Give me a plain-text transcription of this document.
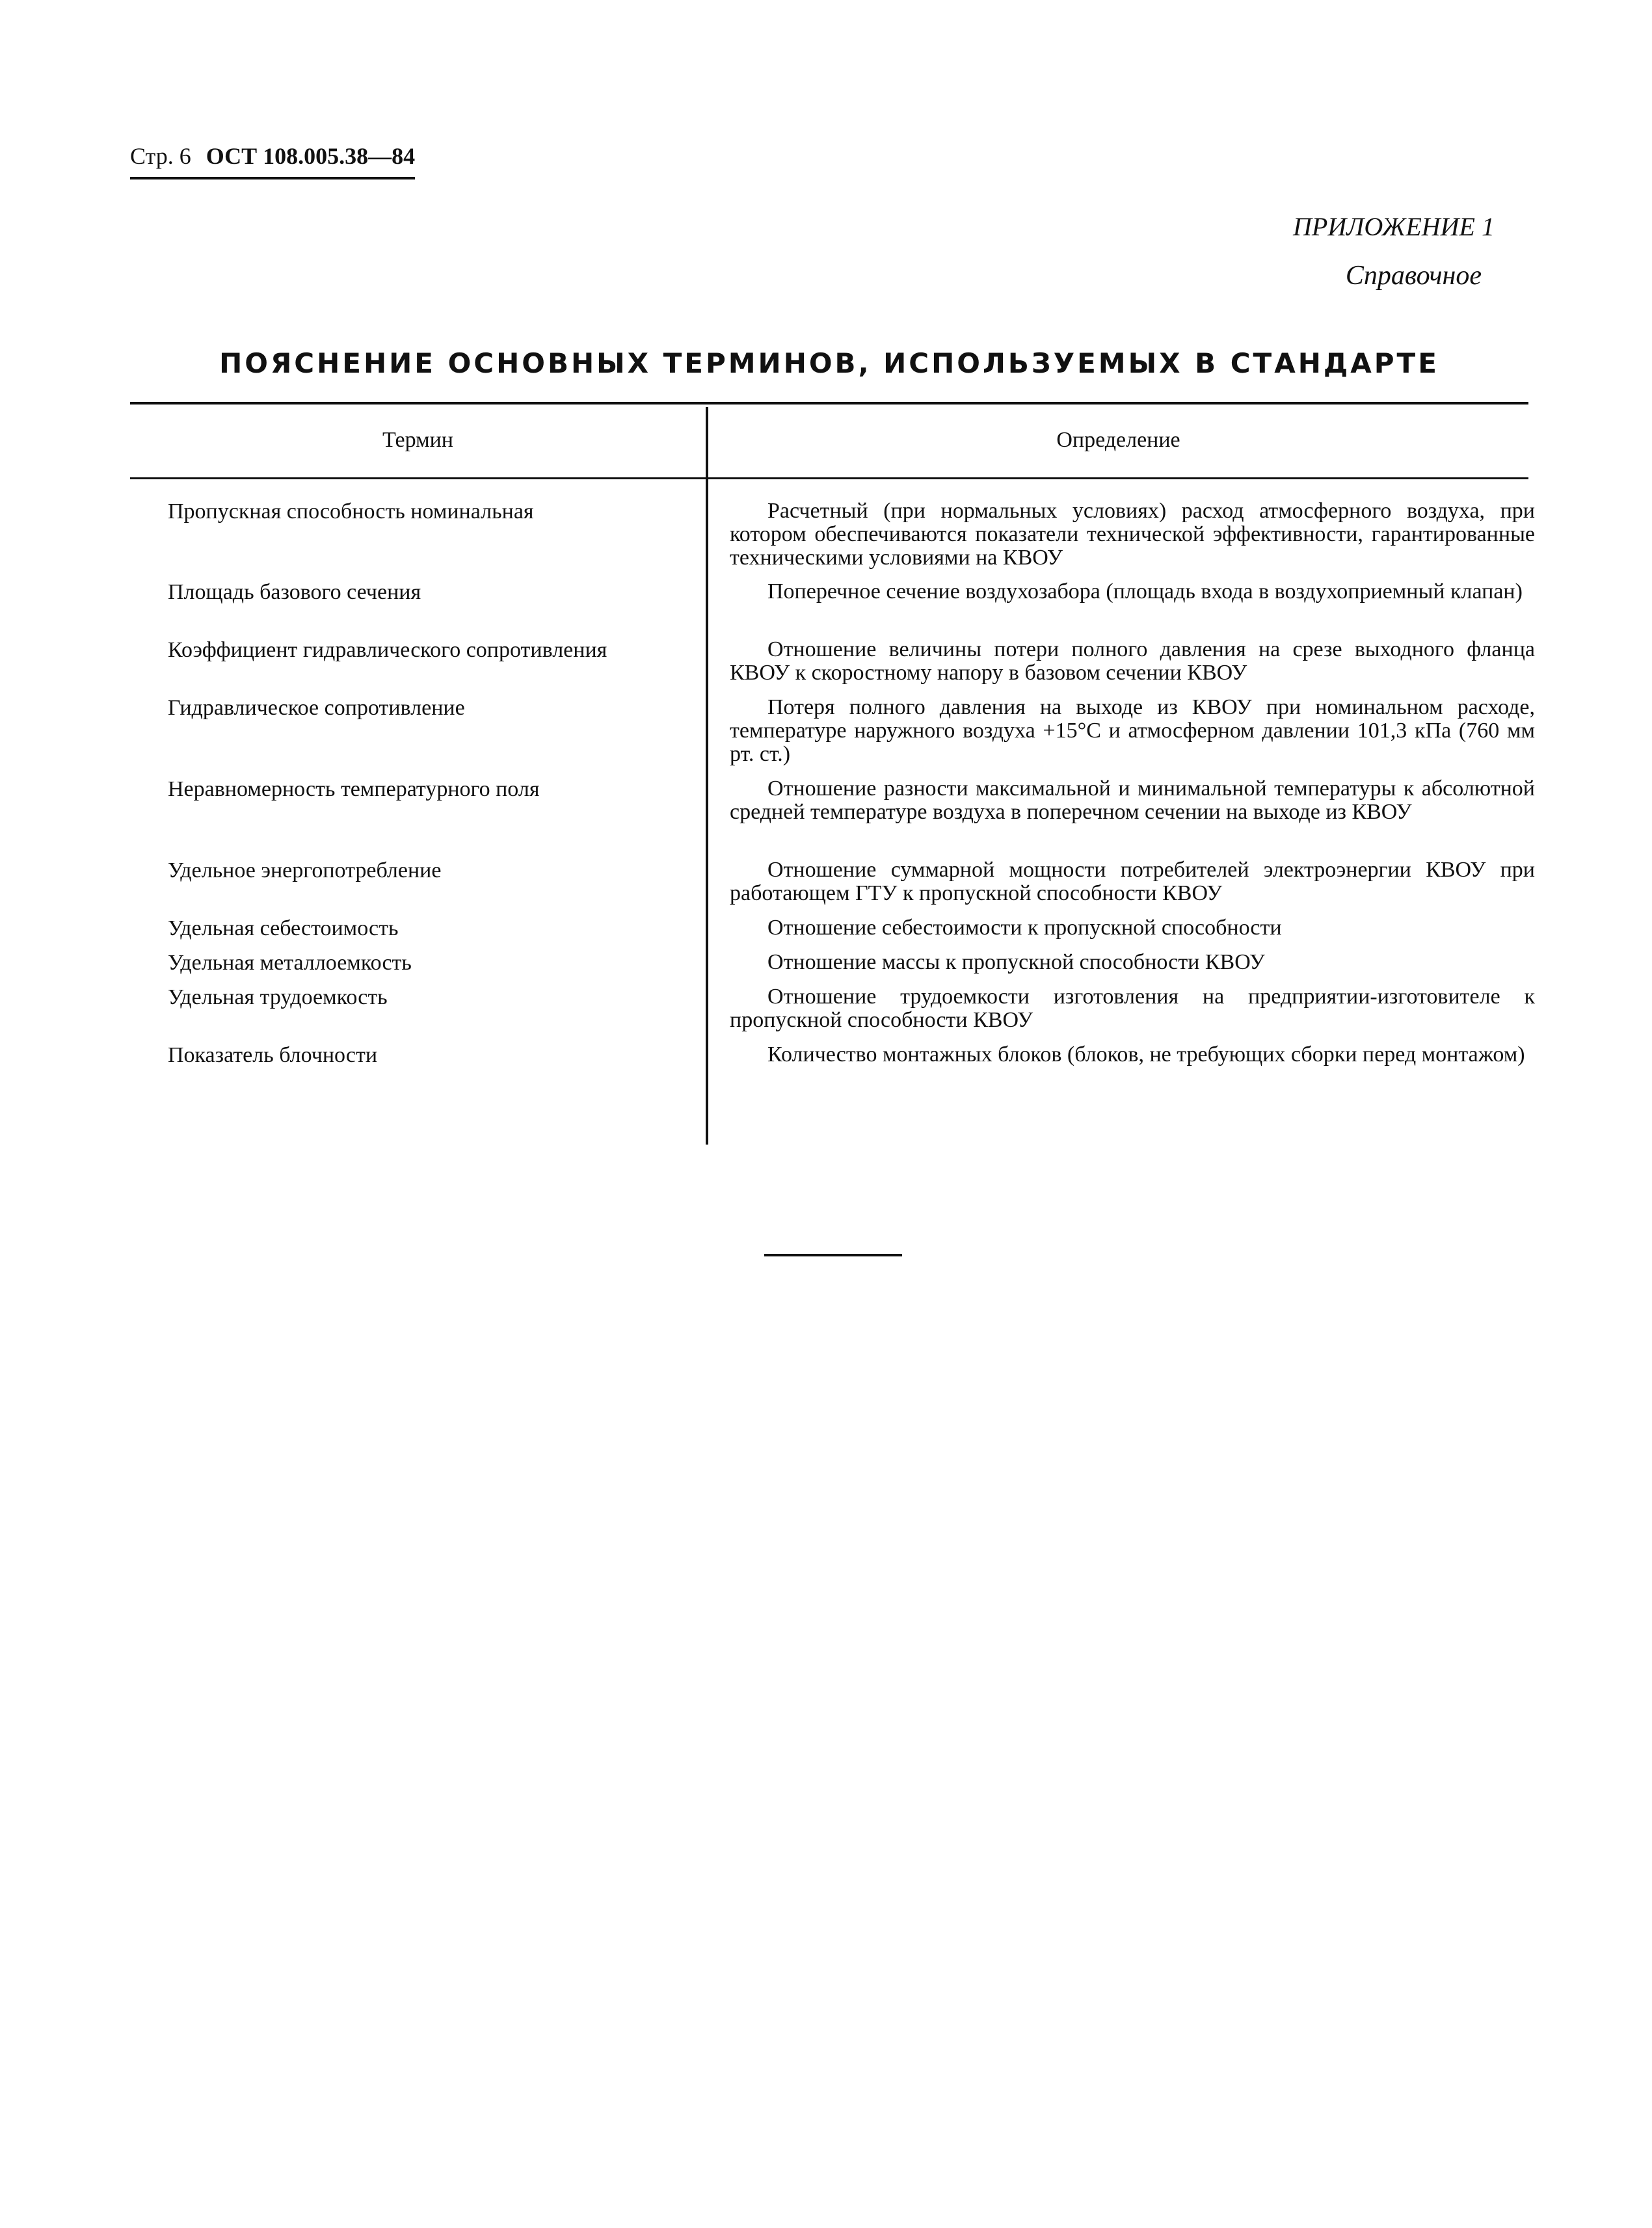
Стр. 6 ОСТ 108.005.38—84
ПРИЛОЖЕНИЕ 1
Справочное
ПОЯСНЕНИЕ ОСНОВНЫХ ТЕРМИНОВ, ИСПОЛЬЗУЕМЫХ В СТАНДАРТЕ
Термин	Определение
Пропускная способность номинальная	Расчетный (при нормальных условиях) расход атмосферного воздуха, при котором обеспечиваются показатели технической эффективности, гарантированные техническими условиями на КВОУ
Площадь базового сечения	Поперечное сечение воздухозабора (площадь входа в воздухоприемный клапан)
Коэффициент гидравлического сопротивления	Отношение величины потери полного давления на срезе выходного фланца КВОУ к скоростному напору в базовом сечении КВОУ
Гидравлическое сопротивление	Потеря полного давления на выходе из КВОУ при номинальном расходе, температуре наружного воздуха +15°С и атмосферном давлении 101,3 кПа (760 мм рт. ст.)
Неравномерность температурного поля	Отношение разности максимальной и минимальной температуры к абсолютной средней температуре воздуха в поперечном сечении на выходе из КВОУ
Удельное энергопотребление	Отношение суммарной мощности потребителей электроэнергии КВОУ при работающем ГТУ к пропускной способности КВОУ
Удельная себестоимость	Отношение себестоимости к пропускной способности
Удельная металлоемкость	Отношение массы к пропускной способности КВОУ
Удельная трудоемкость	Отношение трудоемкости изготовления на предприятии-изготовителе к пропускной способности КВОУ
Показатель блочности	Количество монтажных блоков (блоков, не требующих сборки перед монтажом)
